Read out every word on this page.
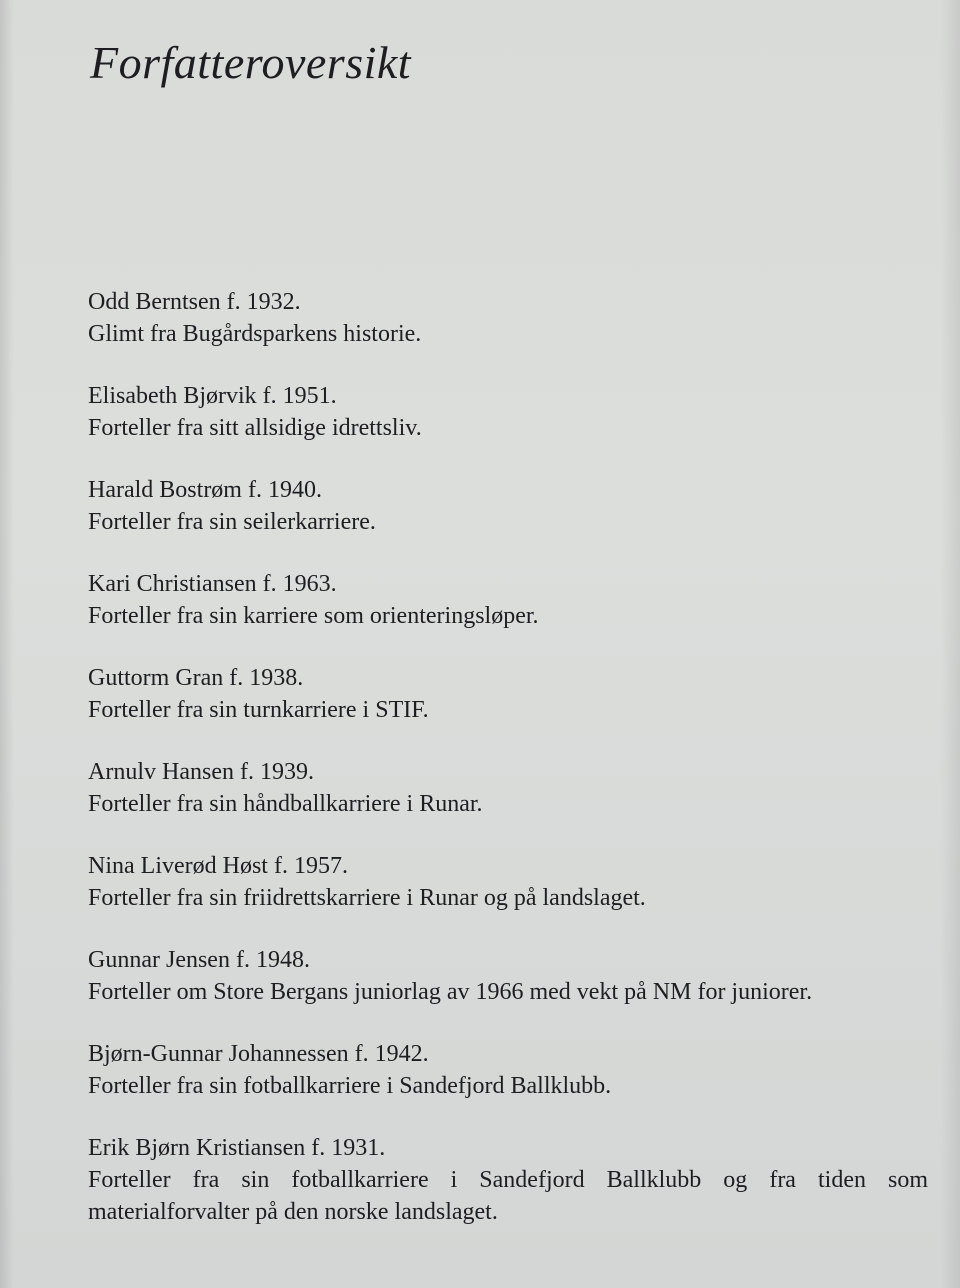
Forfatteroversikt
Odd Berntsen f. 1932.
Glimt fra Bugårdsparkens historie.
Elisabeth Bjørvik f. 1951.
Forteller fra sitt allsidige idrettsliv.
Harald Bostrøm f. 1940.
Forteller fra sin seilerkarriere.
Kari Christiansen f. 1963.
Forteller fra sin karriere som orienteringsløper.
Guttorm Gran f. 1938.
Forteller fra sin turnkarriere i STIF.
Arnulv Hansen f. 1939.
Forteller fra sin håndballkarriere i Runar.
Nina Liverød Høst f. 1957.
Forteller fra sin friidrettskarriere i Runar og på landslaget.
Gunnar Jensen f. 1948.
Forteller om Store Bergans juniorlag av 1966 med vekt på NM for juniorer.
Bjørn-Gunnar Johannessen f. 1942.
Forteller fra sin fotballkarriere i Sandefjord Ballklubb.
Erik Bjørn Kristiansen f. 1931.
Forteller fra sin fotballkarriere i Sandefjord Ballklubb og fra tiden som materialforvalter på den norske landslaget.
